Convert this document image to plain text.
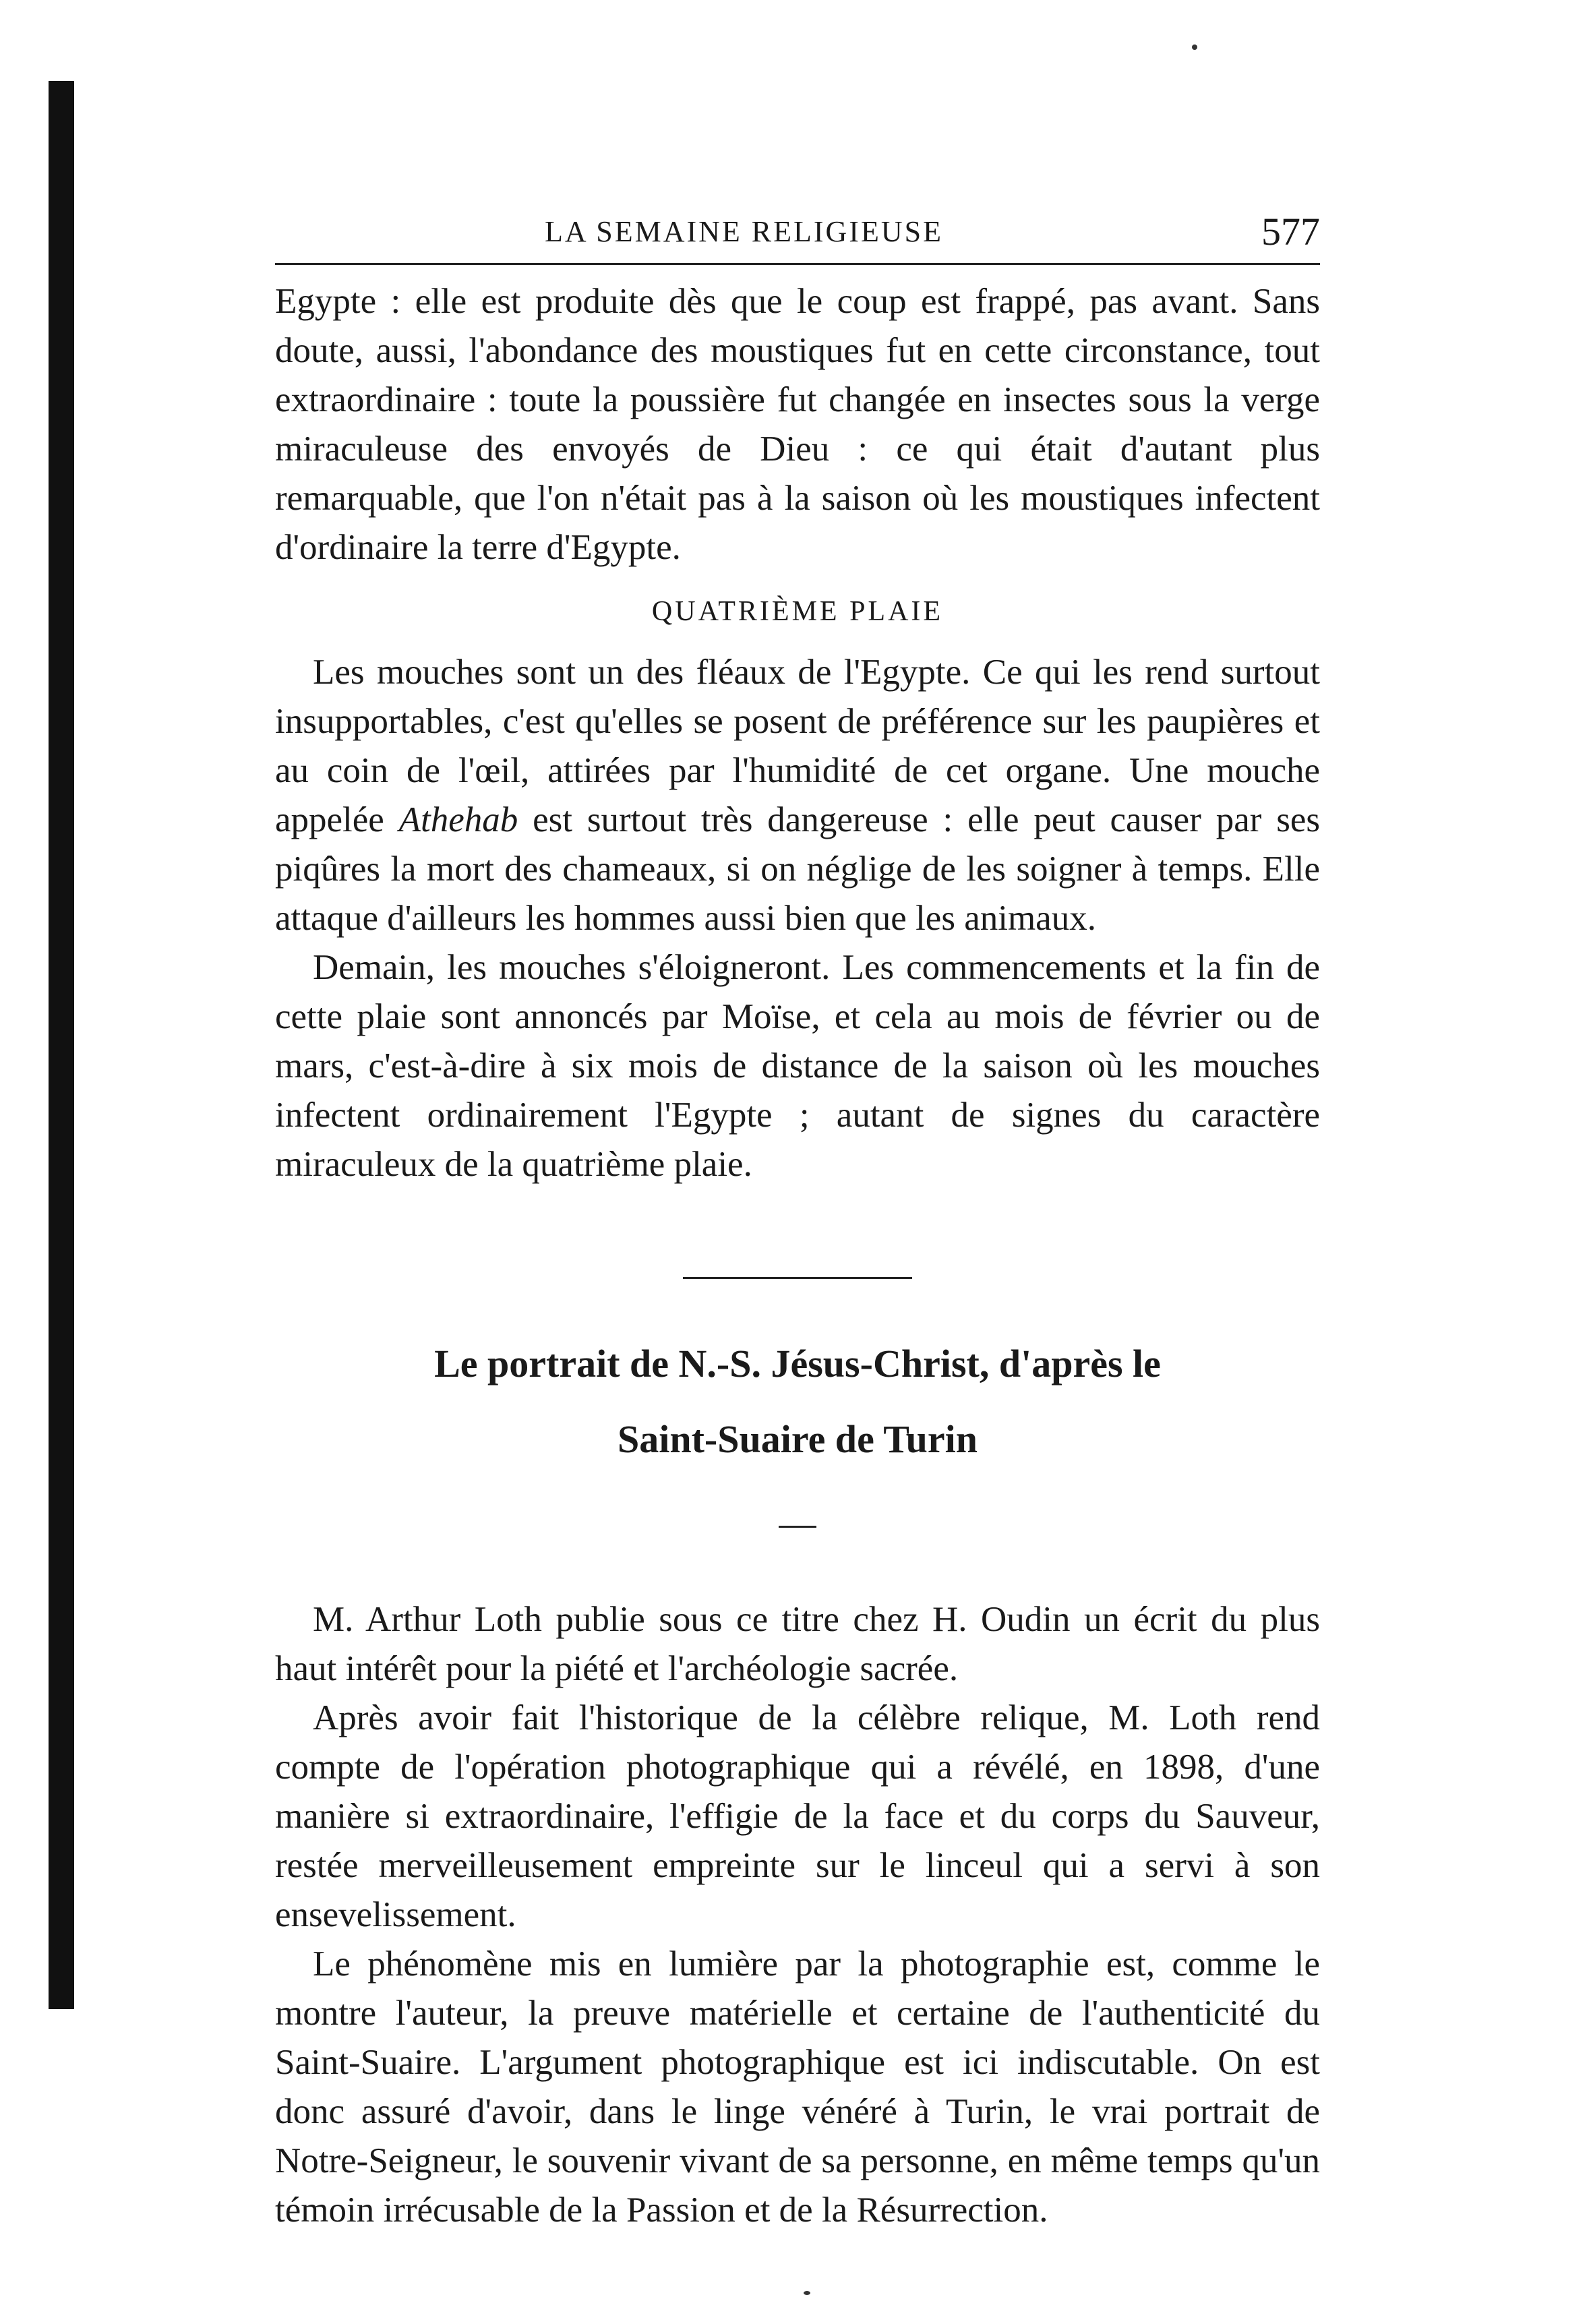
LA SEMAINE RELIGIEUSE	577

Egypte : elle est produite dès que le coup est frappé, pas avant. Sans doute, aussi, l'abondance des moustiques fut en cette circonstance, tout extraordinaire : toute la poussière fut changée en insectes sous la verge miraculeuse des envoyés de Dieu : ce qui était d'autant plus remarquable, que l'on n'était pas à la saison où les moustiques infectent d'ordinaire la terre d'Egypte.

QUATRIÈME PLAIE

Les mouches sont un des fléaux de l'Egypte. Ce qui les rend surtout insupportables, c'est qu'elles se posent de préférence sur les paupières et au coin de l'œil, attirées par l'humidité de cet organe. Une mouche appelée Athehab est surtout très dangereuse : elle peut causer par ses piqûres la mort des chameaux, si on néglige de les soigner à temps. Elle attaque d'ailleurs les hommes aussi bien que les animaux.

Demain, les mouches s'éloigneront. Les commencements et la fin de cette plaie sont annoncés par Moïse, et cela au mois de février ou de mars, c'est-à-dire à six mois de distance de la saison où les mouches infectent ordinairement l'Egypte ; autant de signes du caractère miraculeux de la quatrième plaie.

Le portrait de N.-S. Jésus-Christ, d'après le
Saint-Suaire de Turin

M. Arthur Loth publie sous ce titre chez H. Oudin un écrit du plus haut intérêt pour la piété et l'archéologie sacrée.

Après avoir fait l'historique de la célèbre relique, M. Loth rend compte de l'opération photographique qui a révélé, en 1898, d'une manière si extraordinaire, l'effigie de la face et du corps du Sauveur, restée merveilleusement empreinte sur le linceul qui a servi à son ensevelissement.

Le phénomène mis en lumière par la photographie est, comme le montre l'auteur, la preuve matérielle et certaine de l'authenticité du Saint-Suaire. L'argument photographique est ici indiscutable. On est donc assuré d'avoir, dans le linge vénéré à Turin, le vrai portrait de Notre-Seigneur, le souvenir vivant de sa personne, en même temps qu'un témoin irrécusable de la Passion et de la Résurrection.
